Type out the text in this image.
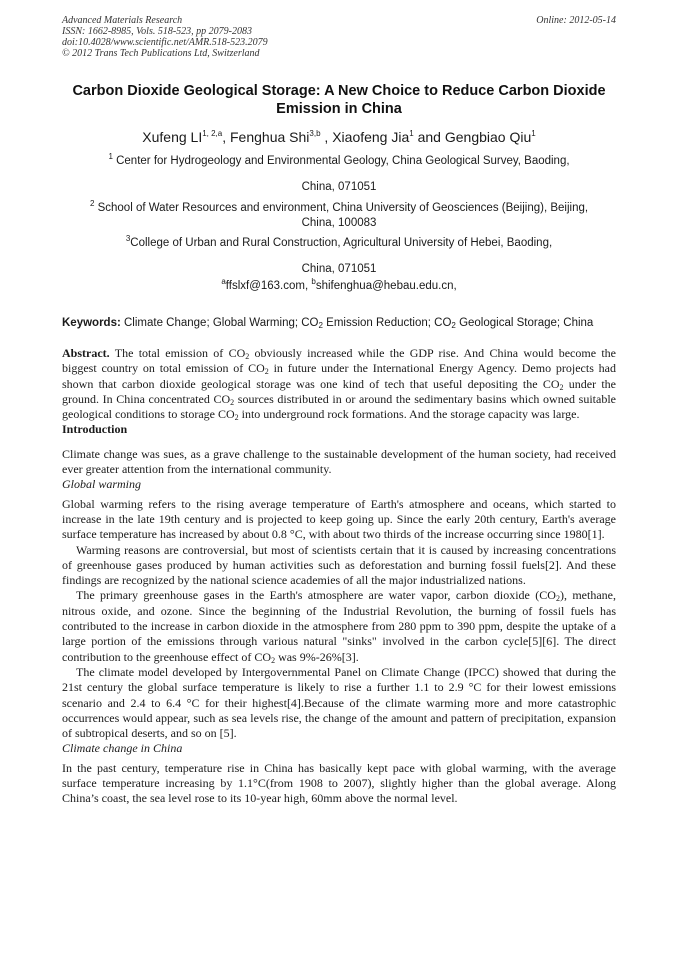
Advanced Materials Research
ISSN: 1662-8985, Vols. 518-523, pp 2079-2083
doi:10.4028/www.scientific.net/AMR.518-523.2079
© 2012 Trans Tech Publications Ltd, Switzerland
Online: 2012-05-14
Carbon Dioxide Geological Storage: A New Choice to Reduce Carbon Dioxide Emission in China
Xufeng LI$^{1, 2,a}$, Fenghua Shi$^{3,b}$ , Xiaofeng Jia$^1$ and Gengbiao Qiu$^1$
$^1$ Center for Hydrogeology and Environmental Geology, China Geological Survey, Baoding,
China, 071051
$^2$ School of Water Resources and environment, China University of Geosciences (Beijing), Beijing,
China, 100083
$^3$College of Urban and Rural Construction, Agricultural University of Hebei, Baoding,
China, 071051
$^a$ffslxf@163.com, $^b$shifenghua@hebau.edu.cn,
Keywords: Climate Change; Global Warming; $CO_2$ Emission Reduction; $CO_2$ Geological Storage; China

Abstract. The total emission of $CO_2$ obviously increased while the GDP rise. And China would become the biggest country on total emission of $CO_2$ in future under the International Energy Agency. Demo projects had shown that carbon dioxide geological storage was one kind of tech that useful depositing the $CO_2$ under the ground. In China concentrated $CO_2$ sources distributed in or around the sedimentary basins which owned suitable geological conditions to storage $CO_2$ into underground rock formations. And the storage capacity was large.

Introduction

Climate change was sues, as a grave challenge to the sustainable development of the human society, had received ever greater attention from the international community.

Global warming

Global warming refers to the rising average temperature of Earth's atmosphere and oceans, which started to increase in the late 19th century and is projected to keep going up. Since the early 20th century, Earth's average surface temperature has increased by about 0.8 °C, with about two thirds of the increase occurring since 1980[1].

Warming reasons are controversial, but most of scientists certain that it is caused by increasing concentrations of greenhouse gases produced by human activities such as deforestation and burning fossil fuels[2]. And these findings are recognized by the national science academies of all the major industrialized nations.

The primary greenhouse gases in the Earth's atmosphere are water vapor, carbon dioxide $(CO_2)$, methane, nitrous oxide, and ozone. Since the beginning of the Industrial Revolution, the burning of fossil fuels has contributed to the increase in carbon dioxide in the atmosphere from 280 ppm to 390 ppm, despite the uptake of a large portion of the emissions through various natural "sinks" involved in the carbon cycle[5][6]. The direct contribution to the greenhouse effect of $CO_2$ was 9%-26%[3].

The climate model developed by Intergovernmental Panel on Climate Change (IPCC) showed that during the 21st century the global surface temperature is likely to rise a further 1.1 to 2.9 °C for their lowest emissions scenario and 2.4 to 6.4 °C for their highest[4].Because of the climate warming more and more catastrophic occurrences would appear, such as sea levels rise, the change of the amount and pattern of precipitation, expansion of subtropical deserts, and so on [5].

Climate change in China

In the past century, temperature rise in China has basically kept pace with global warming, with the average surface temperature increasing by 1.1°C(from 1908 to 2007), slightly higher than the global average. Along China’s coast, the sea level rose to its 10-year high, 60mm above the normal level.
